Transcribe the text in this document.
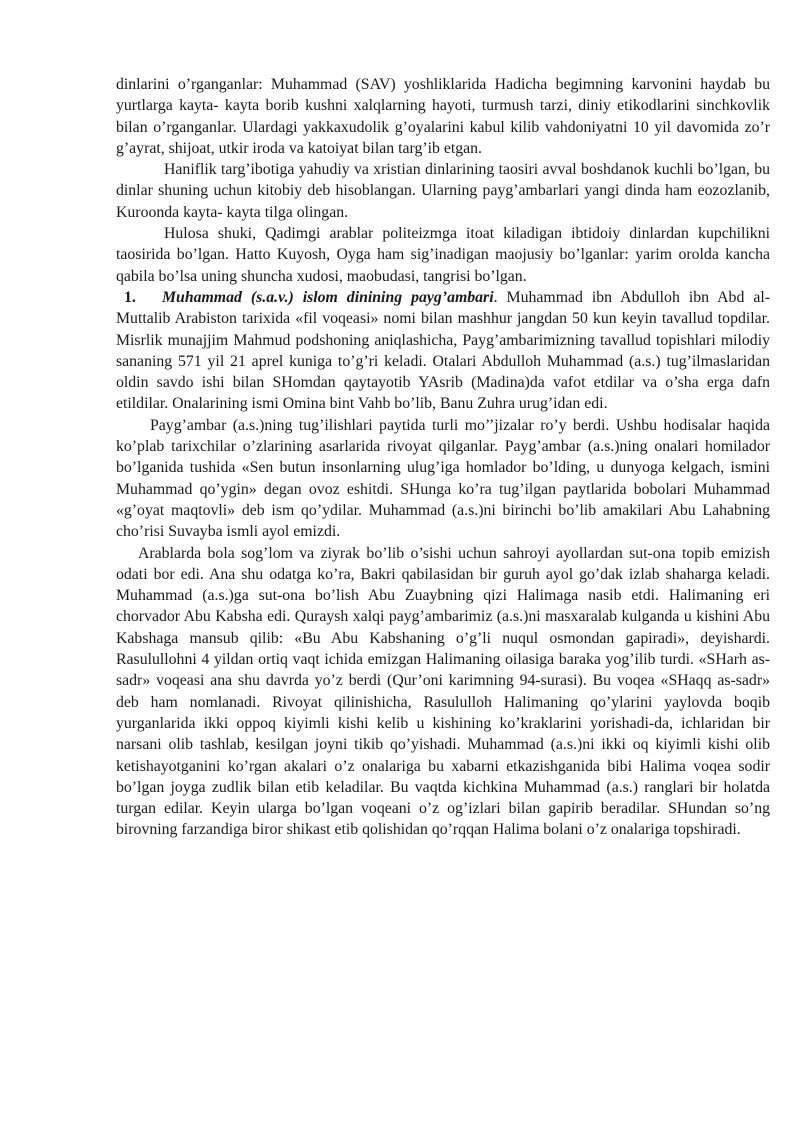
dinlarini o’rganganlar: Muhammad (SAV) yoshliklarida Hadicha begimning karvonini haydab bu yurtlarga kayta- kayta borib kushni xalqlarning hayoti, turmush tarzi, diniy etikodlarini sinchkovlik bilan o’rganganlar. Ulardagi yakkaxudolik g’oyalarini kabul kilib vahdoniyatni 10 yil davomida zo’r g’ayrat, shijoat, utkir iroda va katoiyat bilan targ’ib etgan.

Haniflik targ’ibotiga yahudiy va xristian dinlarining taosiri avval boshdanok kuchli bo’lgan, bu dinlar shuning uchun kitobiy deb hisoblangan. Ularning payg’ambarlari yangi dinda ham eozozlanib, Kuroonda kayta- kayta tilga olingan.

Hulosa shuki, Qadimgi arablar politeizmga itoat kiladigan ibtidoiy dinlardan kupchilikni taosirida bo’lgan. Hatto Kuyosh, Oyga ham sig’inadigan maojusiy bo’lganlar: yarim orolda kancha qabila bo’lsa uning shuncha xudosi, maobudasi, tangrisi bo’lgan.

1. Muhammad (s.a.v.) islom dinining payg’ambari. Muhammad ibn Abdulloh ibn Abd al-Muttalib Arabiston tarixida «fil voqeasi» nomi bilan mashhur jangdan 50 kun keyin tavallud topdilar. Misrlik munajjim Mahmud podshoning aniqlashicha, Payg’ambarimizning tavallud topishlari milodiy sananing 571 yil 21 aprel kuniga to’g’ri keladi. Otalari Abdulloh Muhammad (a.s.) tug’ilmaslaridan oldin savdo ishi bilan SHomdan qaytayotib YAsrib (Madina)da vafot etdilar va o’sha erga dafn etildilar. Onalarining ismi Omina bint Vahb bo’lib, Banu Zuhra urug’idan edi.

Payg’ambar (a.s.)ning tug’ilishlari paytida turli mo’’jizalar ro’y berdi. Ushbu hodisalar haqida ko’plab tarixchilar o’zlarining asarlarida rivoyat qilganlar. Payg’ambar (a.s.)ning onalari homilador bo’lganida tushida «Sen butun insonlarning ulug’iga homlador bo’lding, u dunyoga kelgach, ismini Muhammad qo’ygin» degan ovoz eshitdi. SHunga ko’ra tug’ilgan paytlarida bobolari Muhammad «g’oyat maqtovli» deb ism qo’ydilar. Muhammad (a.s.)ni birinchi bo’lib amakilari Abu Lahabning cho’risi Suvayba ismli ayol emizdi.

Arablarda bola sog’lom va ziyrak bo’lib o’sishi uchun sahroyi ayollardan sut-ona topib emizish odati bor edi. Ana shu odatga ko’ra, Bakri qabilasidan bir guruh ayol go’dak izlab shaharga keladi. Muhammad (a.s.)ga sut-ona bo’lish Abu Zuaybning qizi Halimaga nasib etdi. Halimaning eri chorvador Abu Kabsha edi. Quraysh xalqi payg’ambarimiz (a.s.)ni masxaralab kulganda u kishini Abu Kabshaga mansub qilib: «Bu Abu Kabshaning o’g’li nuqul osmondan gapiradi», deyishardi. Rasulullohni 4 yildan ortiq vaqt ichida emizgan Halimaning oilasiga baraka yog’ilib turdi. «SHarh as-sadr» voqeasi ana shu davrda yo’z berdi (Qur’oni karimning 94-surasi). Bu voqea «SHaqq as-sadr» deb ham nomlanadi. Rivoyat qilinishicha, Rasululloh Halimaning qo’ylarini yaylovda boqib yurganlarida ikki oppoq kiyimli kishi kelib u kishining ko’kraklarini yorishadi-da, ichlaridan bir narsani olib tashlab, kesilgan joyni tikib qo’yishadi. Muhammad (a.s.)ni ikki oq kiyimli kishi olib ketishayotganini ko’rgan akalari o’z onalariga bu xabarni etkazishganida bibi Halima voqea sodir bo’lgan joyga zudlik bilan etib keladilar. Bu vaqtda kichkina Muhammad (a.s.) ranglari bir holatda turgan edilar. Keyin ularga bo’lgan voqeani o’z og’izlari bilan gapirib beradilar. SHundan so’ng birovning farzandiga biror shikast etib qolishidan qo’rqqan Halima bolani o’z onalariga topshiradi.
